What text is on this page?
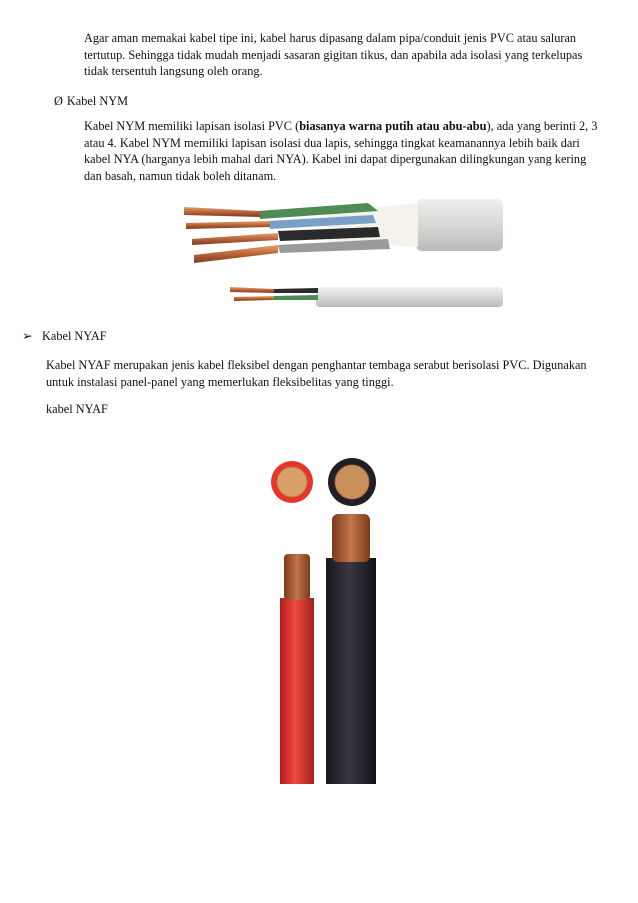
Agar aman memakai kabel tipe ini, kabel harus dipasang dalam pipa/conduit jenis PVC atau saluran tertutup. Sehingga tidak mudah menjadi sasaran gigitan tikus, dan apabila ada isolasi yang terkelupas tidak tersentuh langsung oleh orang.

Ø Kabel NYM

Kabel NYM memiliki lapisan isolasi PVC (biasanya warna putih atau abu-abu), ada yang berinti 2, 3 atau 4. Kabel NYM memiliki lapisan isolasi dua lapis, sehingga tingkat keamanannya lebih baik dari kabel NYA (harganya lebih mahal dari NYA). Kabel ini dapat dipergunakan dilingkungan yang kering dan basah, namun tidak boleh ditanam.

➢ Kabel NYAF

Kabel NYAF merupakan jenis kabel fleksibel dengan penghantar tembaga serabut berisolasi PVC. Digunakan untuk instalasi panel-panel yang memerlukan fleksibelitas yang tinggi.

kabel NYAF
